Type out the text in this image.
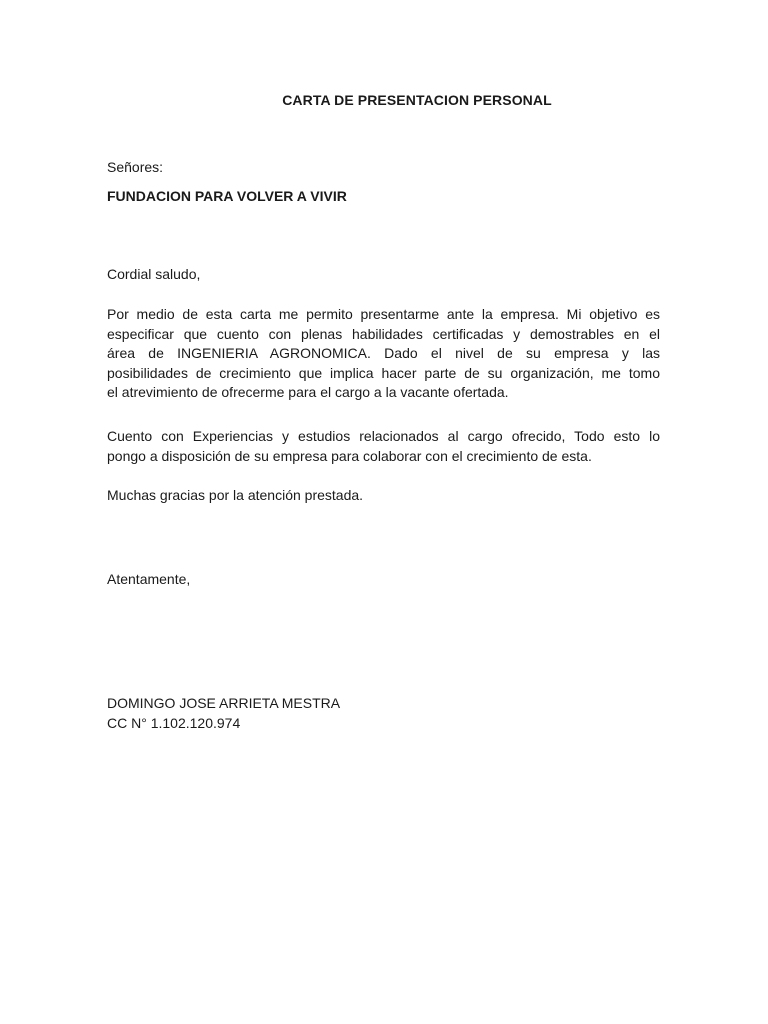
CARTA DE PRESENTACION PERSONAL
Señores:
FUNDACION PARA VOLVER A VIVIR
Cordial saludo,
Por medio de esta carta me permito presentarme ante la empresa. Mi objetivo es
especificar que cuento con plenas habilidades certificadas y demostrables en el
área de INGENIERIA AGRONOMICA. Dado el nivel de su empresa y las
posibilidades de crecimiento que implica hacer parte de su organización, me tomo
el atrevimiento de ofrecerme para el cargo a la vacante ofertada.
Cuento con Experiencias y estudios relacionados al cargo ofrecido, Todo esto lo
pongo a disposición de su empresa para colaborar con el crecimiento de esta.
Muchas gracias por la atención prestada.
Atentamente,
DOMINGO JOSE ARRIETA MESTRA
CC N° 1.102.120.974
